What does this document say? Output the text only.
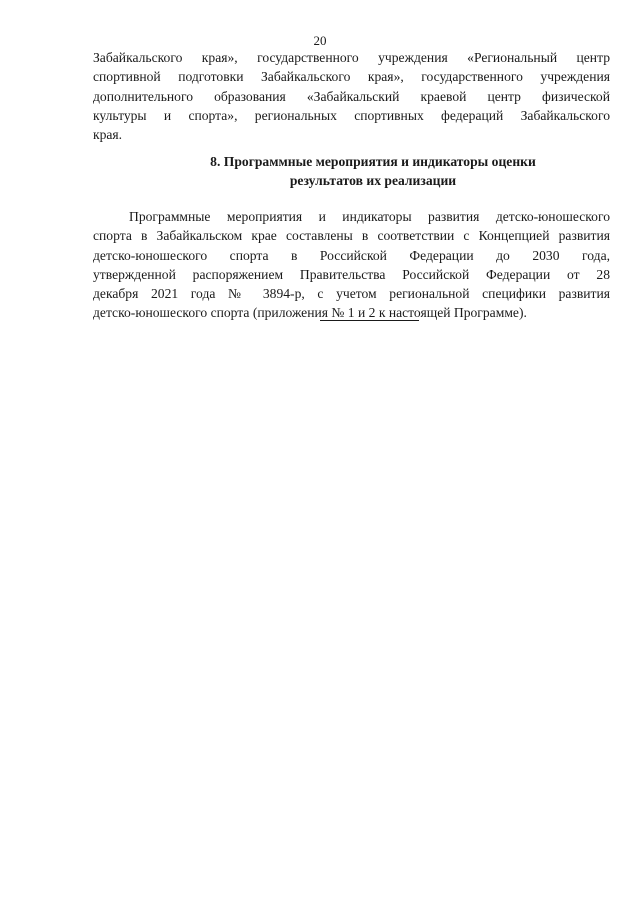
20

Забайкальского края», государственного учреждения «Региональный центр

спортивной подготовки Забайкальского края», государственного учреждения

дополнительного образования «Забайкальский краевой центр физической

культуры и спорта», региональных спортивных федераций Забайкальского

края.

8. Программные мероприятия и индикаторы оценки
результатов их реализации

Программные мероприятия и индикаторы развития детско-юношеского

спорта в Забайкальском крае составлены в соответствии с Концепцией развития

детско-юношеского спорта в Российской Федерации до 2030 года,

утвержденной распоряжением Правительства Российской Федерации от 28

декабря 2021 года № 3894-р, с учетом региональной специфики развития

детско-юношеского спорта (приложения № 1 и 2 к настоящей Программе).
